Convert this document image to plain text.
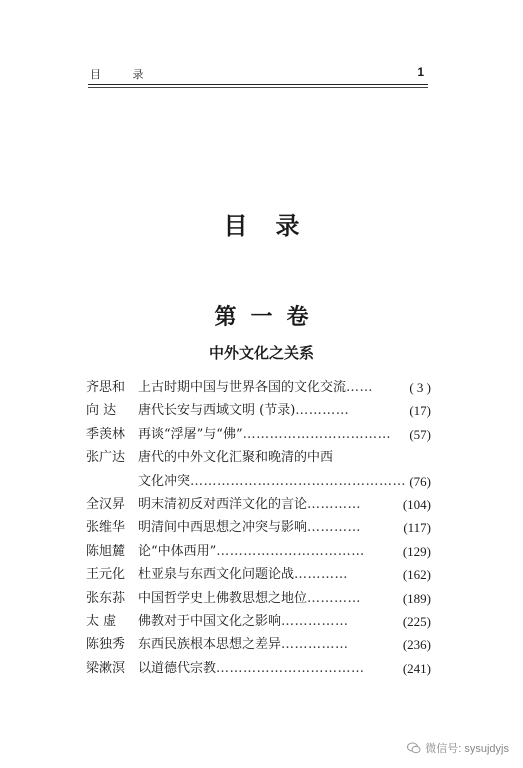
目 录	1
目录
第一卷
中外文化之关系
齐思和 上古时期中国与世界各国的文化交流……	( 3 )
向 达	唐代长安与西域文明 (节录)…………	(17)
季羡林 再谈“浮屠”与“佛”…………………………… (57)
张广达 唐代的中外文化汇聚和晚清的中西
文化冲突………………………………………… (76)
全汉昇 明末清初反对西洋文化的言论…………	(104)
张维华 明清间中西思想之冲突与影响…………	(117)
陈旭麓 论“中体西用”……………………………	(129)
王元化 杜亚泉与东西文化问题论战…………	(162)
张东荪 中国哲学史上佛教思想之地位…………	(189)
太 虚	佛教对于中国文化之影响……………	(225)
陈独秀 东西民族根本思想之差异……………	(236)
梁漱溟 以道德代宗教……………………………	(241)
微信号: sysujdyjs
